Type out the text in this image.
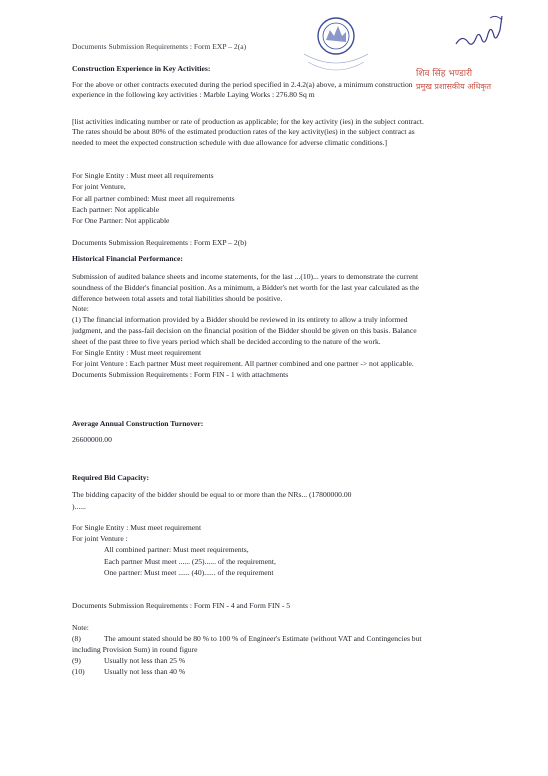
शिव सिंह भण्डारी
प्रमुख प्रशासकीय अधिकृत
Documents Submission Requirements : Form EXP – 2(a)
Construction Experience in Key Activities:
For the above or other contracts executed during the period specified in 2.4.2(a) above, a minimum construction
experience in the following key activities : Marble Laying Works : 276.80 Sq m
[list activities indicating number or rate of production as applicable; for the key activity (ies) in the subject contract.
The rates should be about 80% of the estimated production rates of the key activity(ies) in the subject contract as
needed to meet the expected construction schedule with due allowance for adverse climatic conditions.]
For Single Entity : Must meet all requirements
For joint Venture,
For all partner combined: Must meet all requirements
Each partner: Not applicable
For One Partner: Not applicable
Documents Submission Requirements : Form EXP – 2(b)
Historical Financial Performance:
Submission of audited balance sheets and income statements, for the last ...(10)... years to demonstrate the current
soundness of the Bidder's financial position. As a minimum, a Bidder's net worth for the last year calculated as the
difference between total assets and total liabilities should be positive.
Note:
(1) The financial information provided by a Bidder should be reviewed in its entirety to allow a truly informed
judgment, and the pass-fail decision on the financial position of the Bidder should be given on this basis. Balance
sheet of the past three to five years period which shall be decided according to the nature of the work.
For Single Entity : Must meet requirement
For joint Venture : Each partner Must meet requirement. All partner combined and one partner -> not applicable.
Documents Submission Requirements : Form FIN - 1 with attachments
Average Annual Construction Turnover:
26600000.00
Required Bid Capacity:
The bidding capacity of the bidder should be equal to or more than the NRs... (17800000.00
)......
For Single Entity : Must meet requirement
For joint Venture :
All combined partner: Must meet requirements,
Each partner Must meet ...... (25)...... of the requirement,
One partner: Must meet ...... (40)...... of the requirement
Documents Submission Requirements : Form FIN - 4 and Form FIN - 5
Note:
(8)	The amount stated should be 80 % to 100 % of Engineer's Estimate (without VAT and Contingencies but
including Provision Sum) in round figure
(9)	Usually not less than 25 %
(10)	Usually not less than 40 %
